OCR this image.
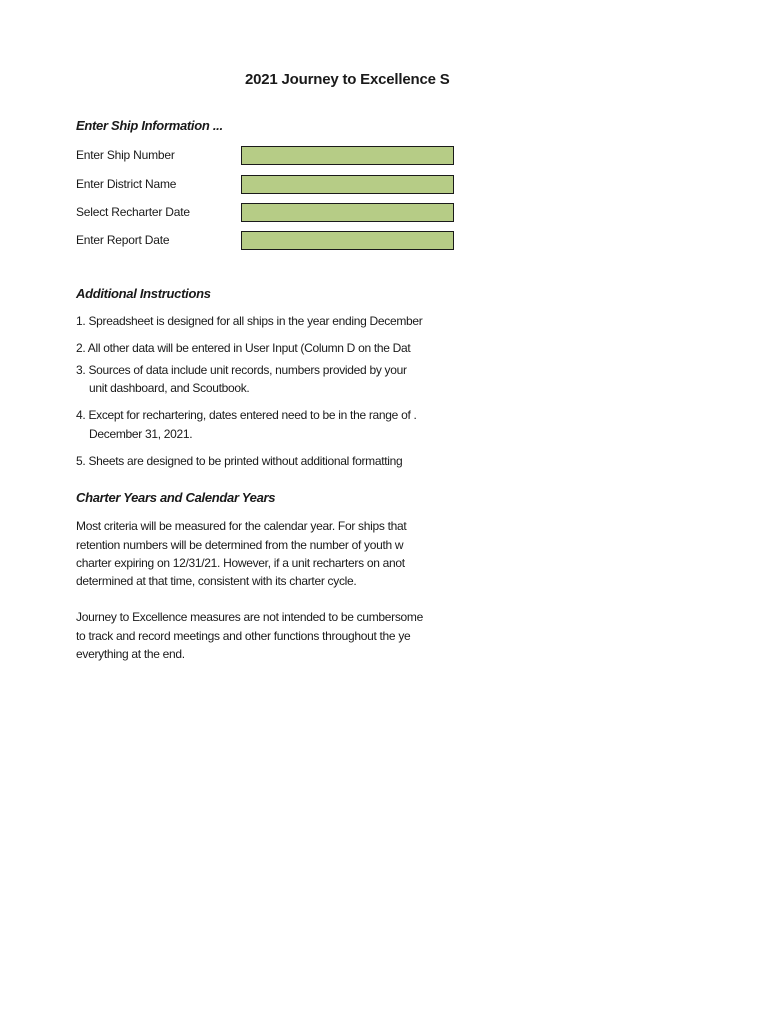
2021 Journey to Excellence S
Enter Ship Information ...
Enter Ship Number
Enter District Name
Select Recharter Date
Enter Report Date
Additional Instructions
1. Spreadsheet is designed for all ships in the year ending December
2. All other data will be entered in User Input (Column D on the Dat
3. Sources of data include unit records, numbers provided by your
unit dashboard, and Scoutbook.
4. Except for rechartering, dates entered need to be in the range of .
December 31, 2021.
5. Sheets are designed to be printed without additional formatting
Charter Years and Calendar Years
Most criteria will be measured for the calendar year. For ships that
retention numbers will be determined from the number of youth w
charter expiring on 12/31/21. However, if a unit recharters on anot
determined at that time, consistent with its charter cycle.
Journey to Excellence measures are not intended to be cumbersome
to track and record meetings and other functions throughout the ye
everything at the end.
